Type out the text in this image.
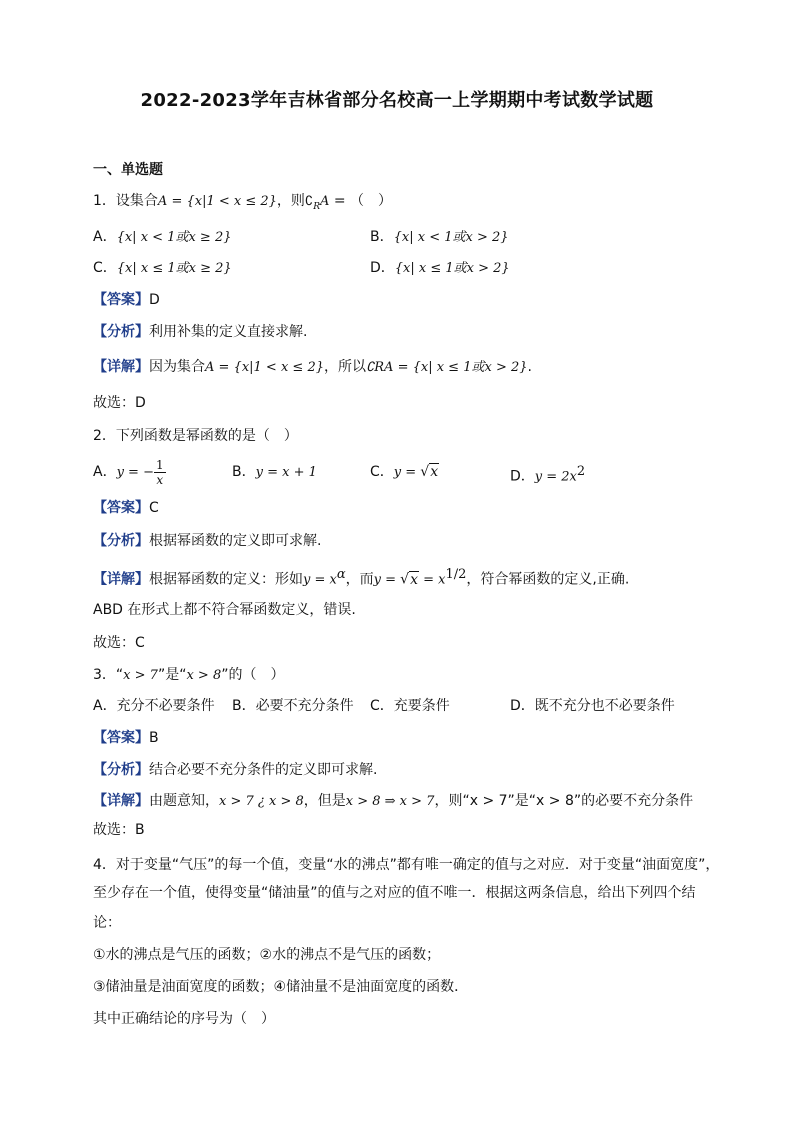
2022-2023学年吉林省部分名校高一上学期期中考试数学试题
一、单选题
1．设集合A = {x|1 < x ≤ 2}，则$∁_RA$ = （　）
A．{x| x < 1或x ≥ 2}	B．{x| x < 1或x > 2}
C．{x| x ≤ 1或x ≥ 2}	D．{x| x ≤ 1或x > 2}
【答案】D
【分析】利用补集的定义直接求解.
【详解】因为集合A = {x|1 < x ≤ 2}，所以∁RA = {x| x ≤ 1或x > 2}.
故选：D
2．下列函数是幂函数的是（　）
A．y = − $\frac{1}{x}$	B．y = x + 1	C．y = √x	D．$y = 2x^2$
【答案】C
【分析】根据幂函数的定义即可求解.
【详解】根据幂函数的定义：形如$y = x^\alpha$，而$y = √x = x^{1/2}$，符合幂函数的定义,正确.
ABD 在形式上都不符合幂函数定义，错误.
故选：C
3．“x > 7”是“x > 8”的（　）
A．充分不必要条件 B．必要不充分条件 C．充要条件	D．既不充分也不必要条件
【答案】B
【分析】结合必要不充分条件的定义即可求解.
【详解】由题意知，x > 7 ¿ x > 8，但是x > 8 ⇒ x > 7，则“x > 7”是“x > 8”的必要不充分条件
故选：B
4．对于变量“气压”的每一个值，变量“水的沸点”都有唯一确定的值与之对应．对于变量“油面宽度”，
至少存在一个值，使得变量“储油量”的值与之对应的值不唯一．根据这两条信息，给出下列四个结
论：
①水的沸点是气压的函数；②水的沸点不是气压的函数；
③储油量是油面宽度的函数；④储油量不是油面宽度的函数．
其中正确结论的序号为（　）
